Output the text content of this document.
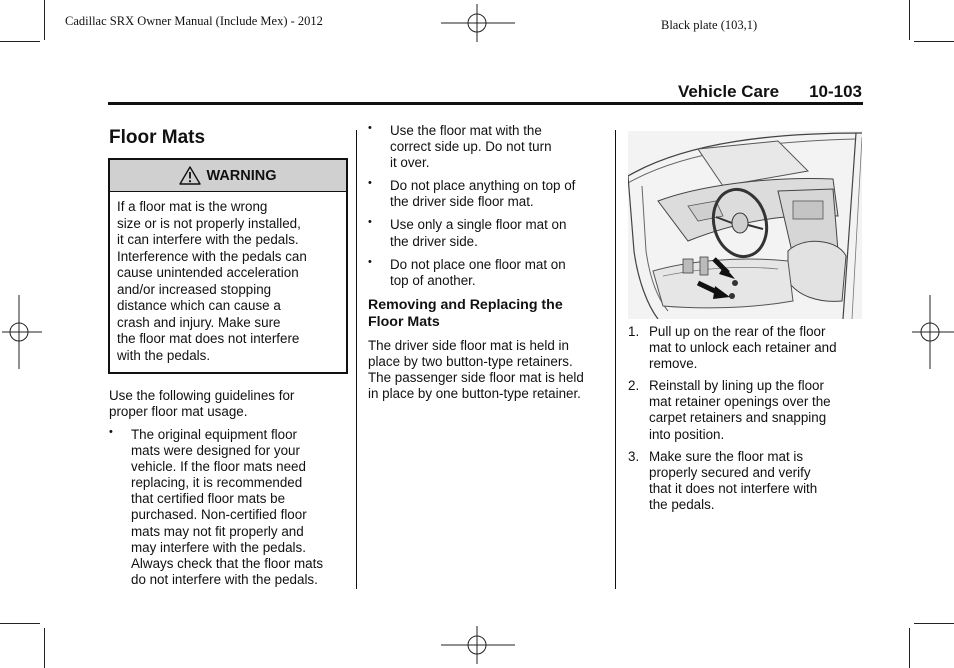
Cadillac SRX Owner Manual (Include Mex) - 2012	Black plate (103,1)
Vehicle Care 10-103
Floor Mats
WARNING
If a floor mat is the wrong
size or is not properly installed,
it can interfere with the pedals.
Interference with the pedals can
cause unintended acceleration
and/or increased stopping
distance which can cause a
crash and injury. Make sure
the floor mat does not interfere
with the pedals.
Use the following guidelines for
proper floor mat usage.
• The original equipment floor
mats were designed for your
vehicle. If the floor mats need
replacing, it is recommended
that certified floor mats be
purchased. Non-certified floor
mats may not fit properly and
may interfere with the pedals.
Always check that the floor mats
do not interfere with the pedals.
• Use the floor mat with the
correct side up. Do not turn
it over.
• Do not place anything on top of
the driver side floor mat.
• Use only a single floor mat on
the driver side.
• Do not place one floor mat on
top of another.
Removing and Replacing the
Floor Mats
The driver side floor mat is held in
place by two button-type retainers.
The passenger side floor mat is held
in place by one button-type retainer.
1. Pull up on the rear of the floor
mat to unlock each retainer and
remove.
2. Reinstall by lining up the floor
mat retainer openings over the
carpet retainers and snapping
into position.
3. Make sure the floor mat is
properly secured and verify
that it does not interfere with
the pedals.
